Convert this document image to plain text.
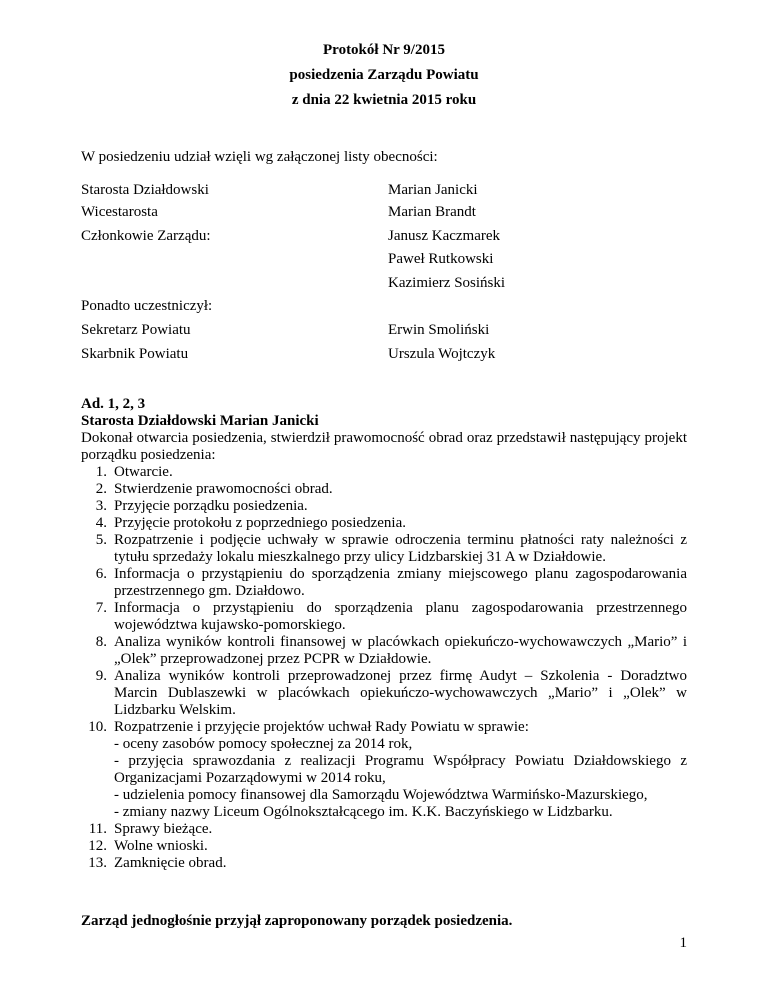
Protokół Nr 9/2015
posiedzenia Zarządu Powiatu
z dnia 22 kwietnia 2015 roku
W posiedzeniu udział wzięli wg załączonej listy obecności:
Starosta Działdowski	Marian Janicki
Wicestarosta	Marian Brandt
Członkowie Zarządu:	Janusz Kaczmarek
Paweł Rutkowski
Kazimierz Sosiński
Ponadto uczestniczył:
Sekretarz Powiatu	Erwin Smoliński
Skarbnik Powiatu	Urszula Wojtczyk

Ad. 1, 2, 3

Starosta Działdowski Marian Janicki

Dokonał otwarcia posiedzenia, stwierdził prawomocność obrad oraz przedstawił następujący projekt porządku posiedzenia:

1. Otwarcie.
2. Stwierdzenie prawomocności obrad.
3. Przyjęcie porządku posiedzenia.
4. Przyjęcie protokołu z poprzedniego posiedzenia.
5. Rozpatrzenie i podjęcie uchwały w sprawie odroczenia terminu płatności raty należności z tytułu sprzedaży lokalu mieszkalnego przy ulicy Lidzbarskiej 31 A w Działdowie.
6. Informacja o przystąpieniu do sporządzenia zmiany miejscowego planu zagospodarowania przestrzennego gm. Działdowo.
7. Informacja o przystąpieniu do sporządzenia planu zagospodarowania przestrzennego województwa kujawsko-pomorskiego.
8. Analiza wyników kontroli finansowej w placówkach opiekuńczo-wychowawczych „Mario” i „Olek” przeprowadzonej przez PCPR w Działdowie.
9. Analiza wyników kontroli przeprowadzonej przez firmę Audyt – Szkolenia - Doradztwo Marcin Dublaszewki w placówkach opiekuńczo-wychowawczych „Mario” i „Olek” w Lidzbarku Welskim.
10. Rozpatrzenie i przyjęcie projektów uchwał Rady Powiatu w sprawie:
- oceny zasobów pomocy społecznej za 2014 rok,
- przyjęcia sprawozdania z realizacji Programu Współpracy Powiatu Działdowskiego z Organizacjami Pozarządowymi w 2014 roku,
- udzielenia pomocy finansowej dla Samorządu Województwa Warmińsko-Mazurskiego,
- zmiany nazwy Liceum Ogólnokształcącego im. K.K. Baczyńskiego w Lidzbarku.
11. Sprawy bieżące.
12. Wolne wnioski.
13. Zamknięcie obrad.
Zarząd jednogłośnie przyjął zaproponowany porządek posiedzenia.
1
